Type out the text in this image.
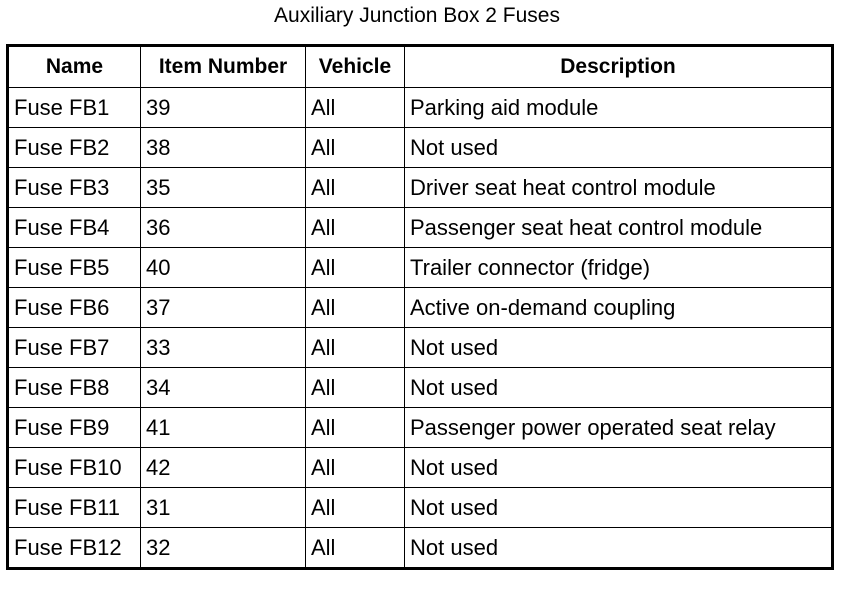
Auxiliary Junction Box 2 Fuses
Name	Item Number	Vehicle	Description
Fuse FB1	39	All	Parking aid module
Fuse FB2	38	All	Not used
Fuse FB3	35	All	Driver seat heat control module
Fuse FB4	36	All	Passenger seat heat control module
Fuse FB5	40	All	Trailer connector (fridge)
Fuse FB6	37	All	Active on-demand coupling
Fuse FB7	33	All	Not used
Fuse FB8	34	All	Not used
Fuse FB9	41	All	Passenger power operated seat relay
Fuse FB10	42	All	Not used
Fuse FB11	31	All	Not used
Fuse FB12	32	All	Not used
